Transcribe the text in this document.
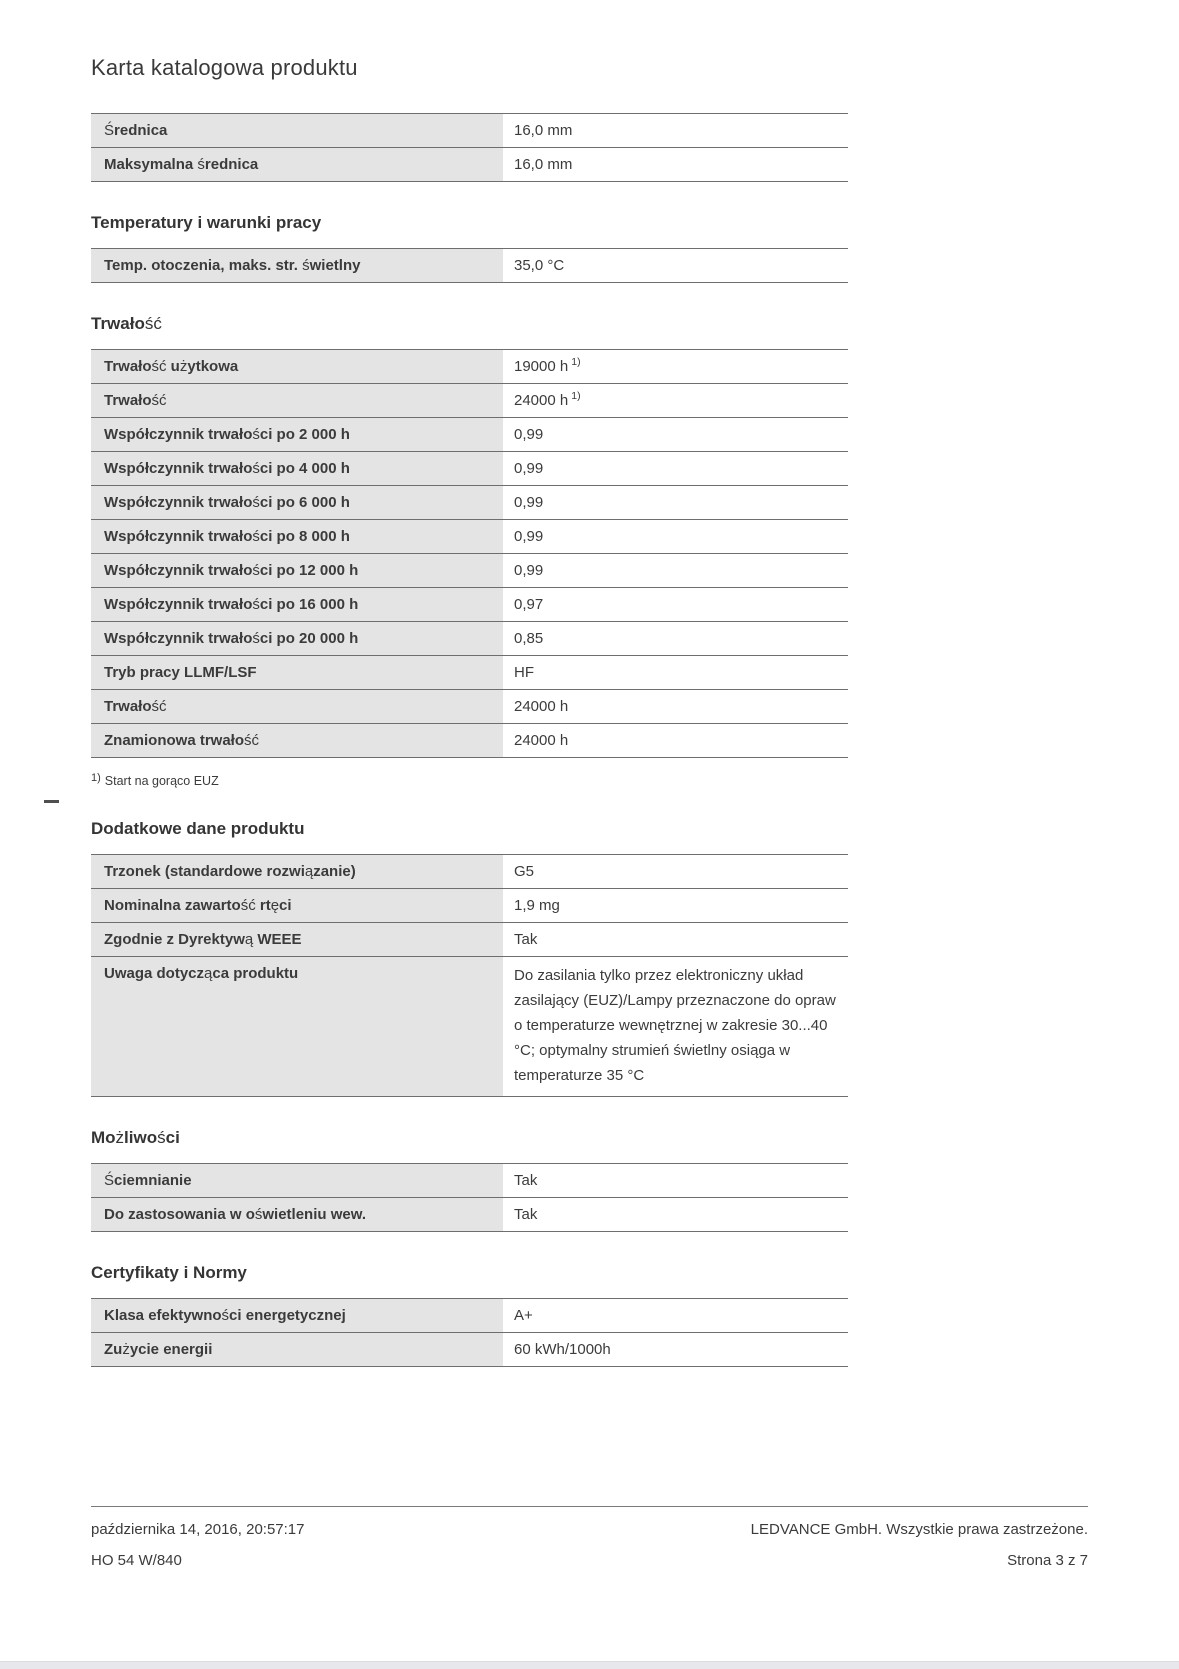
Karta katalogowa produktu
Średnica	16,0 mm
Maksymalna średnica	16,0 mm
Temperatury i warunki pracy
Temp. otoczenia, maks. str. świetlny	35,0 °C
Trwałość
Trwałość użytkowa	19000 h $^{1)}$
Trwałość	24000 h $^{1)}$
Współczynnik trwałości po 2 000 h	0,99
Współczynnik trwałości po 4 000 h	0,99
Współczynnik trwałości po 6 000 h	0,99
Współczynnik trwałości po 8 000 h	0,99
Współczynnik trwałości po 12 000 h	0,99
Współczynnik trwałości po 16 000 h	0,97
Współczynnik trwałości po 20 000 h	0,85
Tryb pracy LLMF/LSF	HF
Trwałość	24000 h
Znamionowa trwałość	24000 h
$^{1)}$ Start na gorąco EUZ
Dodatkowe dane produktu
Trzonek (standardowe rozwiązanie)	G5
Nominalna zawartość rtęci	1,9 mg
Zgodnie z Dyrektywą WEEE	Tak
Uwaga dotycząca produktu	Do zasilania tylko przez elektroniczny układ zasilający (EUZ)/Lampy przeznaczone do opraw o temperaturze wewnętrznej w zakresie 30...40 °C; optymalny strumień świetlny osiąga w temperaturze 35 °C
Możliwości
Ściemnianie	Tak
Do zastosowania w oświetleniu wew.	Tak
Certyfikaty i Normy
Klasa efektywności energetycznej	A+
Zużycie energii	60 kWh/1000h
października 14, 2016, 20:57:17
HO 54 W/840
LEDVANCE GmbH. Wszystkie prawa zastrzeżone.
Strona 3 z 7
